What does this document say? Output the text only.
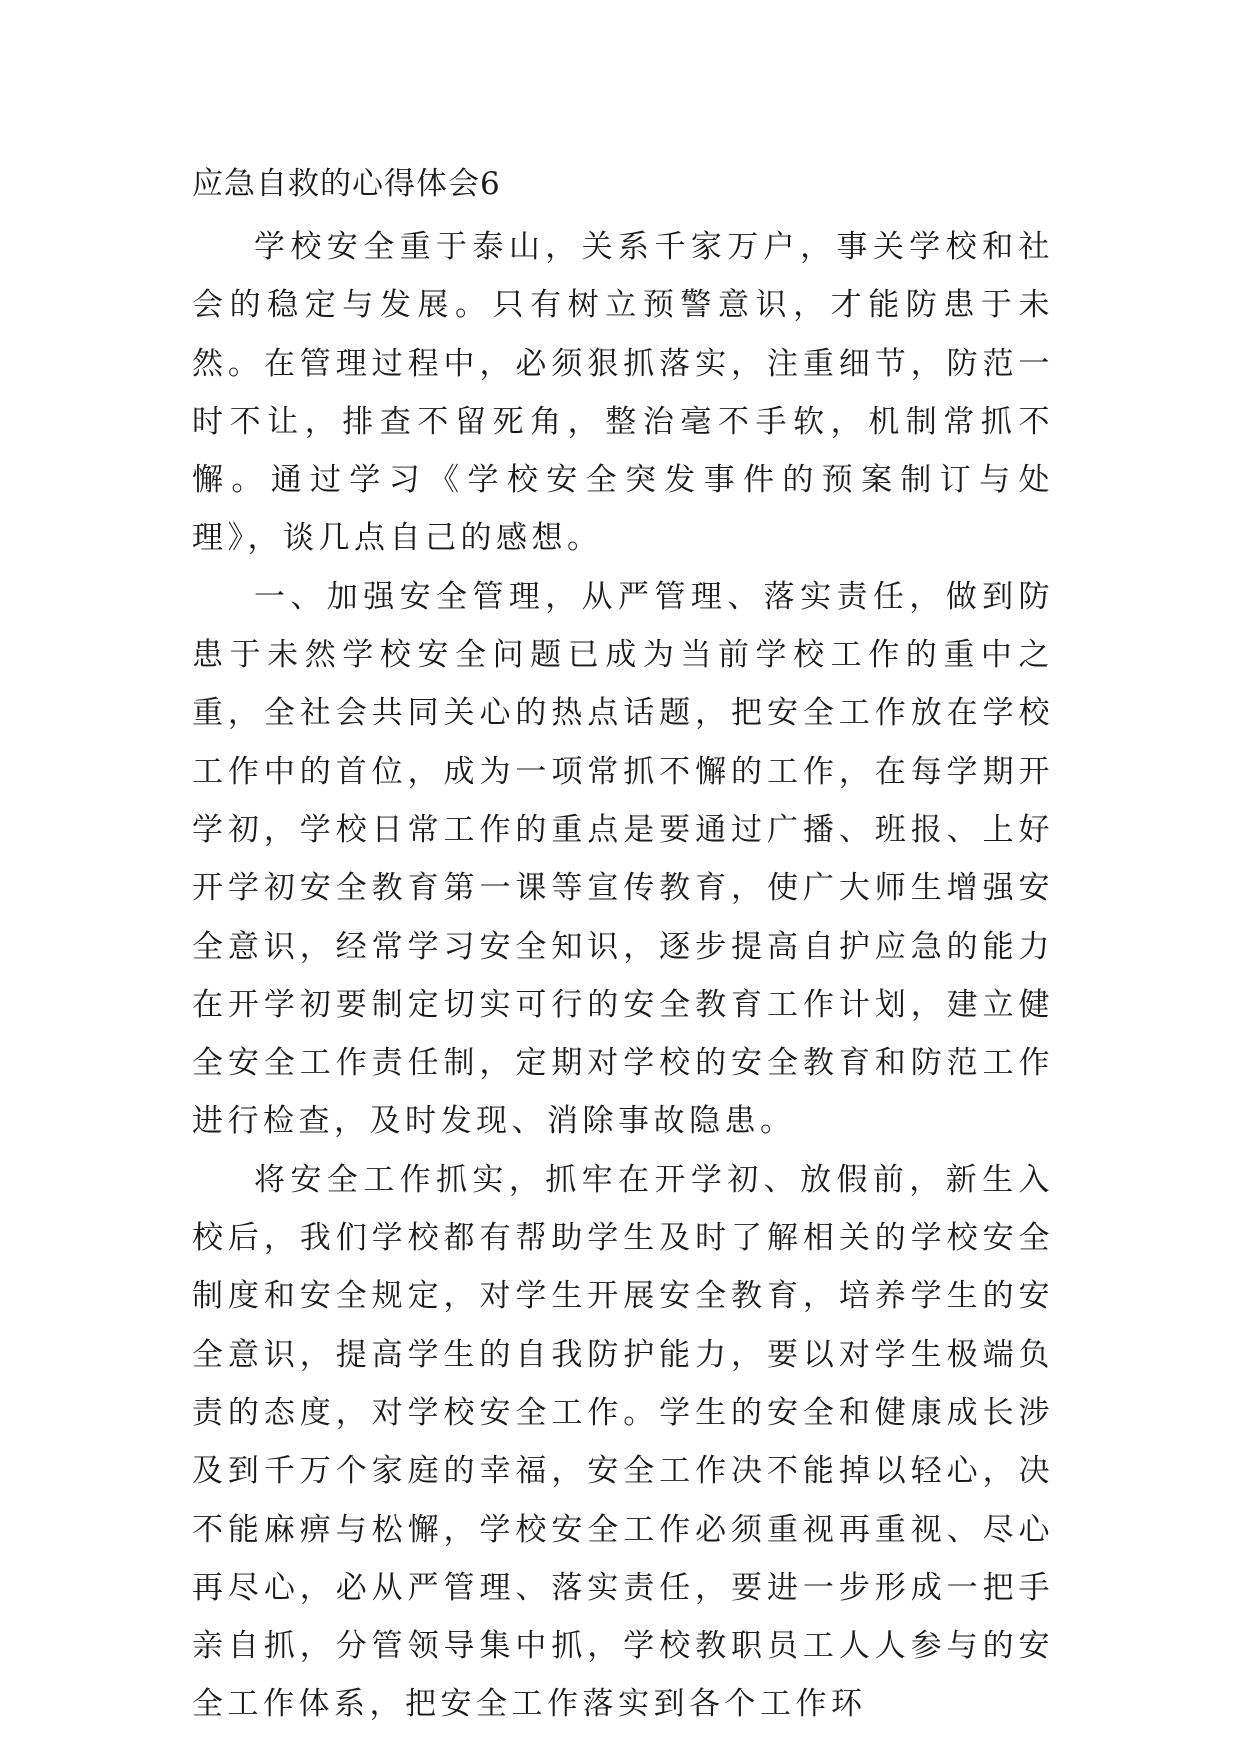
应急自救的心得体会6

学校安全重于泰山，关系千家万户，事关学校和社会的稳定与发展。只有树立预警意识，才能防患于未然。在管理过程中，必须狠抓落实，注重细节，防范一时不让，排查不留死角，整治毫不手软，机制常抓不懈。通过学习《学校安全突发事件的预案制订与处理》，谈几点自己的感想。

一、加强安全管理，从严管理、落实责任，做到防患于未然学校安全问题已成为当前学校工作的重中之重，全社会共同关心的热点话题，把安全工作放在学校工作中的首位，成为一项常抓不懈的工作，在每学期开学初，学校日常工作的重点是要通过广播、班报、上好开学初安全教育第一课等宣传教育，使广大师生增强安全意识，经常学习安全知识，逐步提高自护应急的能力在开学初要制定切实可行的安全教育工作计划，建立健全安全工作责任制，定期对学校的安全教育和防范工作进行检查，及时发现、消除事故隐患。

将安全工作抓实，抓牢在开学初、放假前，新生入校后，我们学校都有帮助学生及时了解相关的学校安全制度和安全规定，对学生开展安全教育，培养学生的安全意识，提高学生的自我防护能力，要以对学生极端负责的态度，对学校安全工作。学生的安全和健康成长涉及到千万个家庭的幸福，安全工作决不能掉以轻心，决不能麻痹与松懈，学校安全工作必须重视再重视、尽心再尽心，必从严管理、落实责任，要进一步形成一把手亲自抓，分管领导集中抓，学校教职员工人人参与的安全工作体系，把安全工作落实到各个工作环
